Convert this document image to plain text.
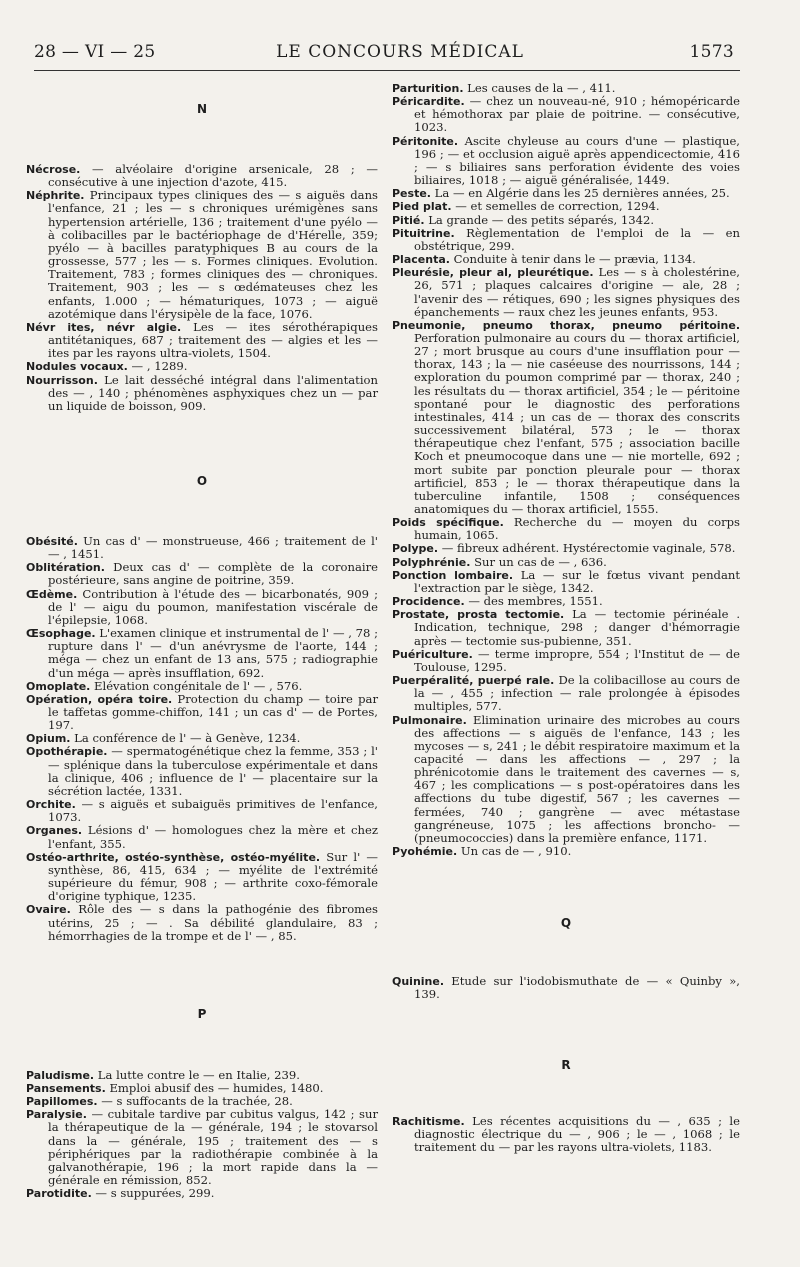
28 — VI — 25	LE CONCOURS MÉDICAL	1573
N

Nécrose. — alvéolaire d'origine arsenicale, 28 ; — consécutive à une injection d'azote, 415.

Néphrite. Principaux types cliniques des — s aiguës dans l'enfance, 21 ; les — s chroniques urémigènes sans hypertension artérielle, 136 ; traitement d'une pyélo — à colibacilles par le bactériophage de d'Hérelle, 359; pyélo — à bacilles paratyphiques B au cours de la grossesse, 577 ; les — s. Formes cliniques. Evolution. Traitement, 783 ; formes cliniques des — chroniques. Traitement, 903 ; les — s œdémateuses chez les enfants, 1.000 ; — hématuriques, 1073 ; — aiguë azotémique dans l'érysipèle de la face, 1076.

Névr ites, névr algie. Les — ites sérothérapiques antitétaniques, 687 ; traitement des — algies et les — ites par les rayons ultra-violets, 1504.

Nodules vocaux. — , 1289.

Nourrisson. Le lait desséché intégral dans l'alimentation des — , 140 ; phénomènes asphyxiques chez un — par un liquide de boisson, 909.

O

Obésité. Un cas d' — monstrueuse, 466 ; traitement de l' — , 1451.

Oblitération. Deux cas d' — complète de la coronaire postérieure, sans angine de poitrine, 359.

Œdème. Contribution à l'étude des — bicarbonatés, 909 ; de l' — aigu du poumon, manifestation viscérale de l'épilepsie, 1068.

Œsophage. L'examen clinique et instrumental de l' — , 78 ; rupture dans l' — d'un anévrysme de l'aorte, 144 ; méga — chez un enfant de 13 ans, 575 ; radiographie d'un méga — après insufflation, 692.

Omoplate. Elévation congénitale de l' — , 576.

Opération, opéra toire. Protection du champ — toire par le taffetas gomme-chiffon, 141 ; un cas d' — de Portes, 197.

Opium. La conférence de l' — à Genève, 1234.

Opothérapie. — spermatogénétique chez la femme, 353 ; l' — splénique dans la tuberculose expérimentale et dans la clinique, 406 ; influence de l' — placentaire sur la sécrétion lactée, 1331.

Orchite. — s aiguës et subaiguës primitives de l'enfance, 1073.

Organes. Lésions d' — homologues chez la mère et chez l'enfant, 355.

Ostéo-arthrite, ostéo-synthèse, ostéo-myélite. Sur l' — synthèse, 86, 415, 634 ; — myélite de l'extrémité supérieure du fémur, 908 ; — arthrite coxo-fémorale d'origine typhique, 1235.

Ovaire. Rôle des — s dans la pathogénie des fibromes utérins, 25 ; — . Sa débilité glandulaire, 83 ; hémorrhagies de la trompe et de l' — , 85.

P

Paludisme. La lutte contre le — en Italie, 239.

Pansements. Emploi abusif des — humides, 1480.

Papillomes. — s suffocants de la trachée, 28.

Paralysie. — cubitale tardive par cubitus valgus, 142 ; sur la thérapeutique de la — générale, 194 ; le stovarsol dans la — générale, 195 ; traitement des — s périphériques par la radiothérapie combinée à la galvanothérapie, 196 ; la mort rapide dans la — générale en rémission, 852.

Parotidite. — s suppurées, 299.

Parturition. Les causes de la — , 411.

Péricardite. — chez un nouveau-né, 910 ; hémopéricarde et hémothorax par plaie de poitrine. — consécutive, 1023.

Péritonite. Ascite chyleuse au cours d'une — plastique, 196 ; — et occlusion aiguë après appendicectomie, 416 ; — s biliaires sans perforation évidente des voies biliaires, 1018 ; — aiguë généralisée, 1449.

Peste. La — en Algérie dans les 25 dernières années, 25.

Pied plat. — et semelles de correction, 1294.

Pitié. La grande — des petits séparés, 1342.

Pituitrine. Règlementation de l'emploi de la — en obstétrique, 299.

Placenta. Conduite à tenir dans le — prævia, 1134.

Pleurésie, pleur al, pleurétique. Les — s à cholestérine, 26, 571 ; plaques calcaires d'origine — ale, 28 ; l'avenir des — rétiques, 690 ; les signes physiques des épanchements — raux chez les jeunes enfants, 953.

Pneumonie, pneumo thorax, pneumo péritoine. Perforation pulmonaire au cours du — thorax artificiel, 27 ; mort brusque au cours d'une insufflation pour — thorax, 143 ; la — nie caséeuse des nourrissons, 144 ; exploration du poumon comprimé par — thorax, 240 ; les résultats du — thorax artificiel, 354 ; le — péritoine spontané pour le diagnostic des perforations intestinales, 414 ; un cas de — thorax des conscrits successivement bilatéral, 573 ; le — thorax thérapeutique chez l'enfant, 575 ; association bacille Koch et pneumocoque dans une — nie mortelle, 692 ; mort subite par ponction pleurale pour — thorax artificiel, 853 ; le — thorax thérapeutique dans la tuberculine infantile, 1508 ; conséquences anatomiques du — thorax artificiel, 1555.

Poids spécifique. Recherche du — moyen du corps humain, 1065.

Polype. — fibreux adhérent. Hystérectomie vaginale, 578.

Polyphrénie. Sur un cas de — , 636.

Ponction lombaire. La — sur le fœtus vivant pendant l'extraction par le siège, 1342.

Procidence. — des membres, 1551.

Prostate, prosta tectomie. La — tectomie périnéale . Indication, technique, 298 ; danger d'hémorragie après — tectomie sus-pubienne, 351.

Puériculture. — terme impropre, 554 ; l'Institut de — de Toulouse, 1295.

Puerpéralité, puerpé rale. De la colibacillose au cours de la — , 455 ; infection — rale prolongée à épisodes multiples, 577.

Pulmonaire. Elimination urinaire des microbes au cours des affections — s aiguës de l'enfance, 143 ; les mycoses — s, 241 ; le débit respiratoire maximum et la capacité — dans les affections — , 297 ; la phrénicotomie dans le traitement des cavernes — s, 467 ; les complications — s post-opératoires dans les affections du tube digestif, 567 ; les cavernes — fermées, 740 ; gangrène — avec métastase gangréneuse, 1075 ; les affections broncho- — (pneumococcies) dans la première enfance, 1171.

Pyohémie. Un cas de — , 910.

Q

Quinine. Etude sur l'iodobismuthate de — « Quinby », 139.

R

Rachitisme. Les récentes acquisitions du — , 635 ; le diagnostic électrique du — , 906 ; le — , 1068 ; le traitement du — par les rayons ultra-violets, 1183.
